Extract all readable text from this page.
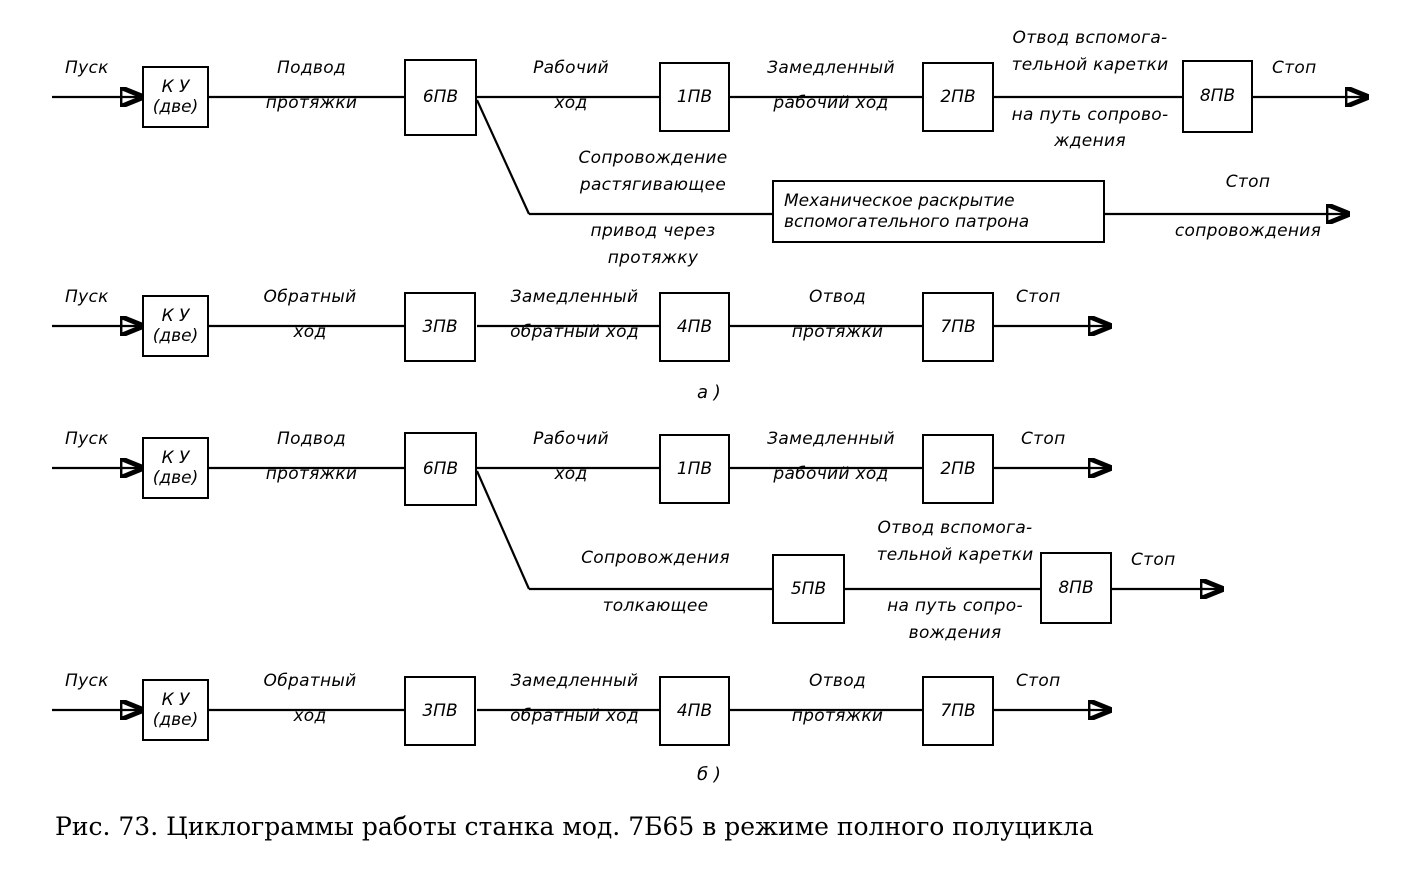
Пуск
К У
(две)
Подвод
протяжки	6ПВ
Рабочий
ход	1ПВ
Замедленный
рабочий ход	2ПВ
Отвод вспомога-
тельной каретки
на путь сопрово-
ждения
8ПВ
Стоп
Сопровождение
растягивающее
привод через
протяжку
Механическое раскрытие
вспомогательного патрона
Стоп
сопровождения
Пуск
К У
(две)
Обратный
ход	3ПВ
Замедленный
обратный ход	4ПВ
Отвод
протяжки	7ПВ
Стоп
а )
Пуск
К У
(две)
Подвод
протяжки	6ПВ
Рабочий
ход	1ПВ
Замедленный
рабочий ход	2ПВ
Стоп
Сопровождения
толкающее
5ПВ
Отвод вспомога-
тельной каретки
на путь сопро-
вождения
8ПВ
Стоп
Пуск
К У
(две)
Обратный
ход	3ПВ
Замедленный
обратный ход	4ПВ
Отвод
протяжки	7ПВ
Стоп
б )
Рис. 73. Циклограммы работы станка мод. 7Б65 в режиме полного полуцикла
